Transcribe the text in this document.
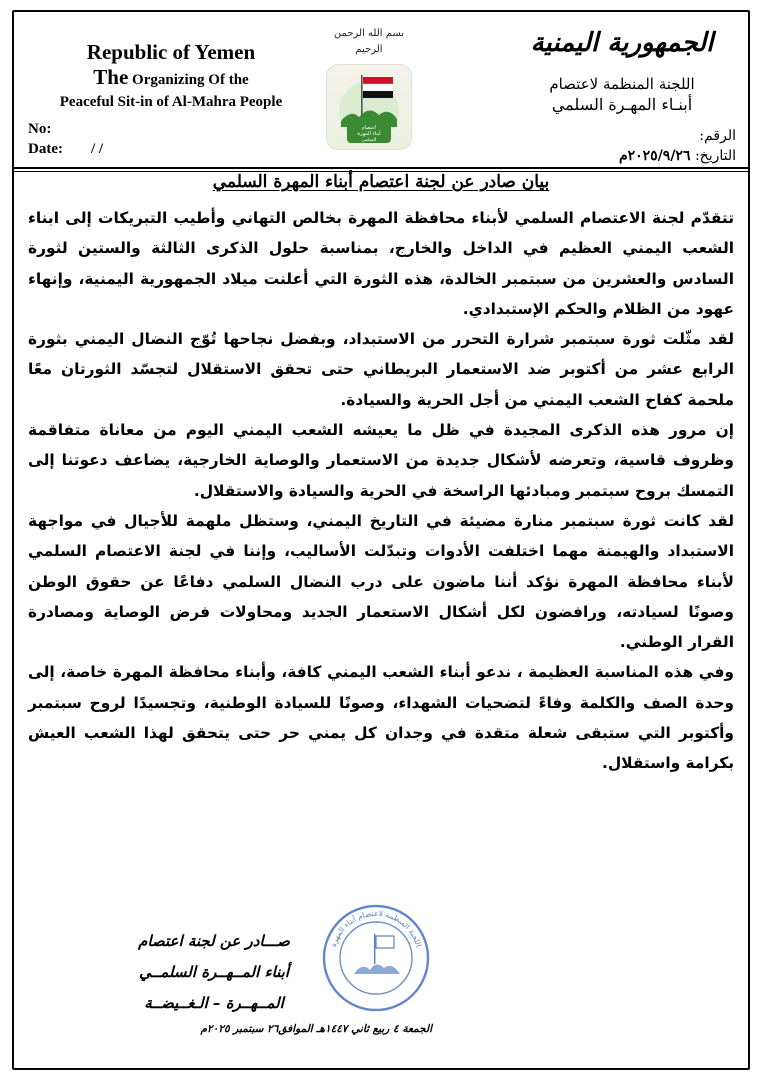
Republic of Yemen
The Organizing Of the
Peaceful Sit-in of Al-Mahra People
No:
Date: / /
بسم الله الرحمن الرحيم
اعتصام
أبناء المهرة
السلمي
الجمهورية اليمنية
اللجنة المنظمة لاعتصام
أبنـاء المهـرة السلمي
الرقم:
التاريخ: ٢٠٢٥/٩/٢٦م
بيان صادر عن لجنة اعتصام أبناء المهرة السلمي

تتقدّم لجنة الاعتصام السلمي لأبناء محافظة المهرة بخالص التهاني وأطيب التبريكات إلى ابناء الشعب اليمني العظيم في الداخل والخارج، بمناسبة حلول الذكرى الثالثة والستين لثورة السادس والعشرين من سبتمبر الخالدة، هذه الثورة التي أعلنت ميلاد الجمهورية اليمنية، وإنهاء عهود من الظلام والحكم الإستبدادي.

لقد مثّلت ثورة سبتمبر شرارة التحرر من الاستبداد، وبفضل نجاحها تُوّج النضال اليمني بثورة الرابع عشر من أكتوبر ضد الاستعمار البريطاني حتى تحقق الاستقلال لتجسّد الثورتان معًا ملحمة كفاح الشعب اليمني من أجل الحرية والسيادة.

إن مرور هذه الذكرى المجيدة في ظل ما يعيشه الشعب اليمني اليوم من معاناة متفاقمة وظروف قاسية، وتعرضه لأشكال جديدة من الاستعمار والوصاية الخارجية، يضاعف دعوتنا إلى التمسك بروح سبتمبر ومبادئها الراسخة في الحرية والسيادة والاستقلال.

لقد كانت ثورة سبتمبر منارة مضيئة في التاريخ اليمني، وستظل ملهمة للأجيال في مواجهة الاستبداد والهيمنة مهما اختلفت الأدوات وتبدّلت الأساليب، وإننا في لجنة الاعتصام السلمي لأبناء محافظة المهرة نؤكد أننا ماضون على درب النضال السلمي دفاعًا عن حقوق الوطن وصونًا لسيادته، ورافضون لكل أشكال الاستعمار الجديد ومحاولات فرض الوصاية ومصادرة القرار الوطني.

وفي هذه المناسبة العظيمة ، ندعو أبناء الشعب اليمني كافة، وأبناء محافظة المهرة خاصة، إلى وحدة الصف والكلمة وفاءً لتضحيات الشهداء، وصونًا للسيادة الوطنية، وتجسيدًا لروح سبتمبر وأكتوبر التي ستبقى شعلة متقدة في وجدان كل يمني حر حتى يتحقق لهذا الشعب العيش بكرامة واستقلال.

صـــادر عن لجنة اعتصام
أبناء المــهــرة السلمــي
المــهــرة – الـغــيضــة
اللجنة المنظمة لاعتصام أبناء المهرة
الجمعة ٤ ربيع ثاني ١٤٤٧هـ الموافق٢٦ سبتمبر ٢٠٢٥م
